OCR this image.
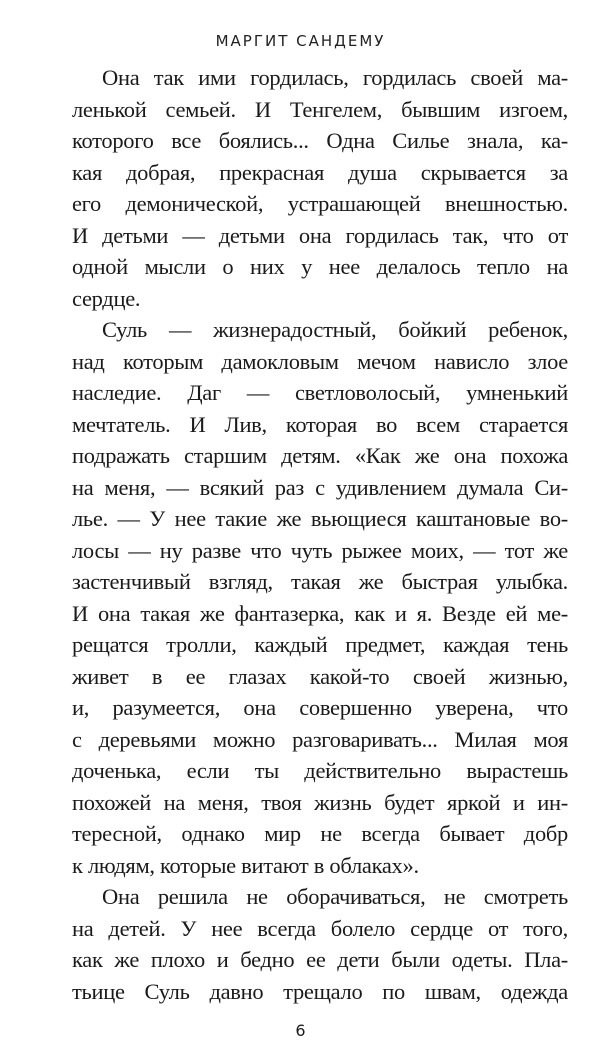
МАРГИТ САНДЕМУ
Она так ими гордилась, гордилась своей ма-
ленькой семьей. И Тенгелем, бывшим изгоем,
которого все боялись... Одна Силье знала, ка-
кая добрая, прекрасная душа скрывается за
его демонической, устрашающей внешностью.
И детьми — детьми она гордилась так, что от
одной мысли о них у нее делалось тепло на
сердце.
Суль — жизнерадостный, бойкий ребенок,
над которым дамокловым мечом нависло злое
наследие. Даг — светловолосый, умненький
мечтатель. И Лив, которая во всем старается
подражать старшим детям. «Как же она похожа
на меня, — всякий раз с удивлением думала Си-
лье. — У нее такие же вьющиеся каштановые во-
лосы — ну разве что чуть рыжее моих, — тот же
застенчивый взгляд, такая же быстрая улыбка.
И она такая же фантазерка, как и я. Везде ей ме-
рещатся тролли, каждый предмет, каждая тень
живет в ее глазах какой-то своей жизнью,
и, разумеется, она совершенно уверена, что
с деревьями можно разговаривать... Милая моя
доченька, если ты действительно вырастешь
похожей на меня, твоя жизнь будет яркой и ин-
тересной, однако мир не всегда бывает добр
к людям, которые витают в облаках».
Она решила не оборачиваться, не смотреть
на детей. У нее всегда болело сердце от того,
как же плохо и бедно ее дети были одеты. Пла-
тьице Суль давно трещало по швам, одежда
6
